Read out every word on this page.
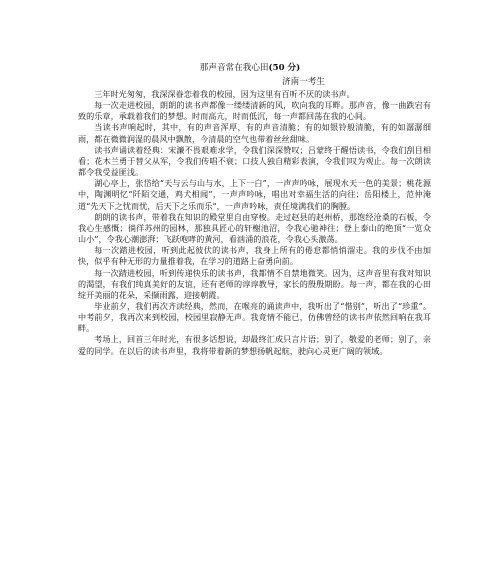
那声音常在我心田(50 分)
济南一考生

三年时光匆匆，我深深眷恋着我的校园，因为这里有百听不厌的读书声。

每一次走进校园，朗朗的读书声都像一缕缕清新的风，吹向我的耳畔。那声音，像一曲跌宕有致的乐章，承载着我们的梦想。时而高亢，时而低沉，每一声都回荡在我的心间。

当读书声响起时，其中，有的声音浑厚，有的声音清脆；有的如银铃般清脆，有的如潺潺细雨，都在微微润湿的晨风中飘散，今清晨的空气也带着丝丝甜味。

读书声诵读着经典：宋濂不畏艰难求学，令我们深深赞叹；吕蒙终于醒悟读书，令我们刮目相看；花木兰勇于替父从军，令我们传唱不衰；口技人独自精彩表演，令我们叹为观止。每一次朗读都令我受益匪浅。

湖心亭上，张岱给“天与云与山与水，上下一白”，一声声吟咏，展现水天一色的美景；桃花源中，陶渊明忆“阡陌交通，鸡犬相闻”，一声声吟咏，唱出对幸福生活的向往；岳阳楼上，范仲淹道“先天下之忧而忧，后天下之乐而乐”，一声声吟咏，责任境满我们的胸膛。

朗朗的读书声，带着我在知识的殿堂里自由穿梭。走过赵县的赵州桥，那饱经沧桑的石板，令我心生感慨；徜徉苏州的园林，那独具匠心的轩榭池沼，令我心驰神往；登上泰山的绝顶“一览众山小”，令我心潮澎湃；飞跃咆哮的黄河，看汹涌的浪花，令我心头激荡。

每一次踏进校园，听到此起彼伏的读书声，我身上所有的倦怠都悄悄溜走。我的步伐不由加快，似乎有种无形的力量推着我，在学习的道路上奋勇向前。

每一次踏进校园，听到传递快乐的读书声，我都情不自禁地微笑。因为，这声音里有我对知识的渴望，有我们纯真美好的友谊，还有老师的谆谆教导，家长的殷殷期盼。每一声，都在我的心田绽开美丽的花朵，采撷雨露，迎接朝霞。

毕业前夕，我们再次齐读经典，然而，在喉亮的诵读声中，我听出了“惜别”，听出了“珍重”。中考前夕，我再次来到校园，校园里寂静无声。我竟情不能已，仿佛曾经的读书声依然回响在我耳畔。

考场上，回首三年时光，有很多话想说，却最终汇成只言片语；别了，敬爱的老师；别了，亲爱的同学。在以后的读书声里，我将带着新的梦想扬帆起航，驶向心灵更广阔的领域。
